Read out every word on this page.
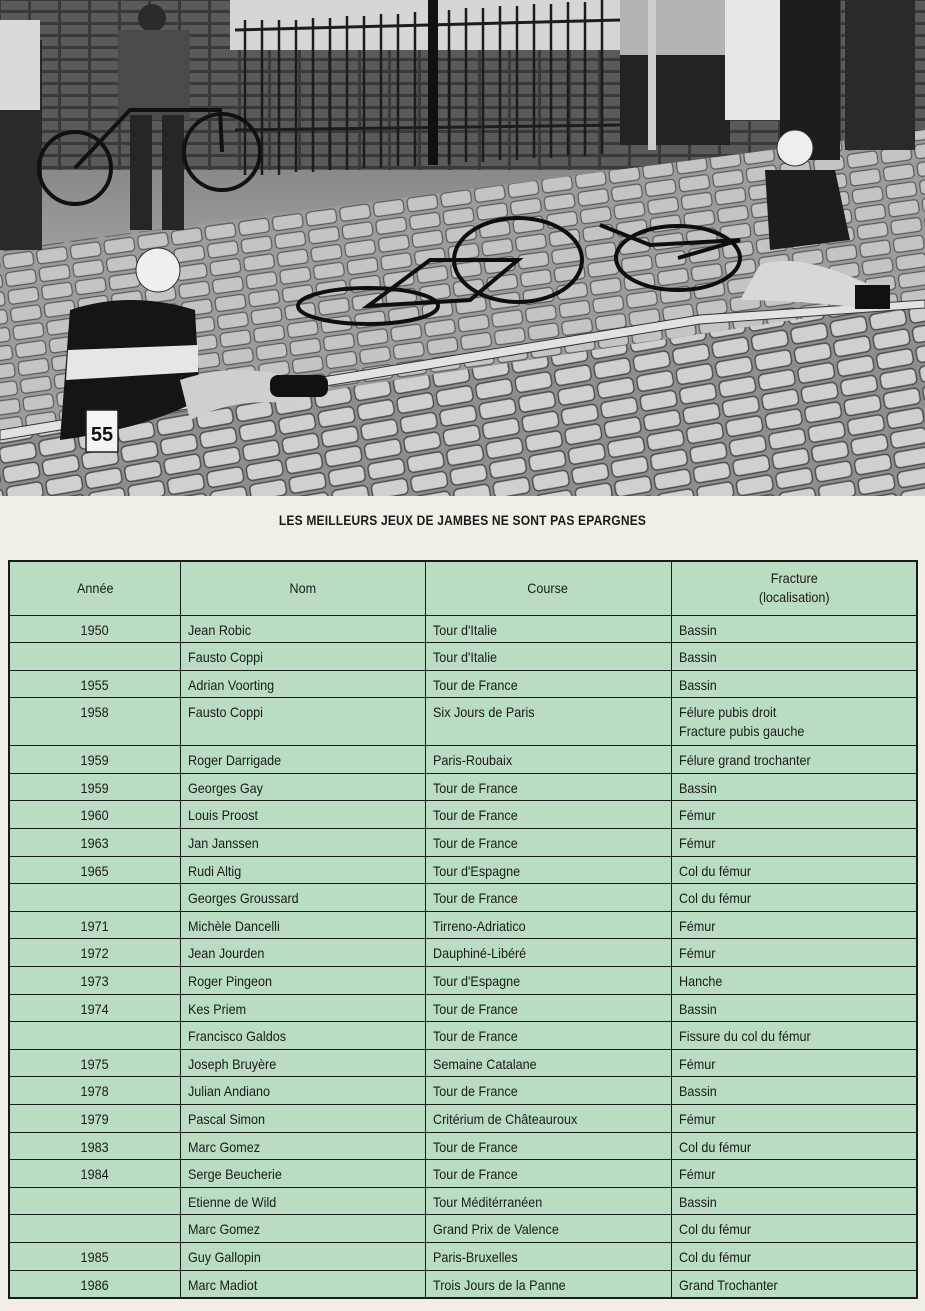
55
LES MEILLEURS JEUX DE JAMBES NE SONT PAS EPARGNES
Année	Nom	Course	Fracture
(localisation)

1950	Jean Robic	Tour d'Italie	Bassin

	Fausto Coppi	Tour d'Italie	Bassin

1955	Adrian Voorting	Tour de France	Bassin

1958	Fausto Coppi	Six Jours de Paris	Félure pubis droit
Fracture pubis gauche

1959	Roger Darrigade	Paris-Roubaix	Félure grand trochanter

1959	Georges Gay	Tour de France	Bassin

1960	Louis Proost	Tour de France	Fémur

1963	Jan Janssen	Tour de France	Fémur

1965	Rudi Altig	Tour d'Espagne	Col du fémur

	Georges Groussard	Tour de France	Col du fémur

1971	Michèle Dancelli	Tirreno-Adriatico	Fémur

1972	Jean Jourden	Dauphiné-Libéré	Fémur

1973	Roger Pingeon	Tour d'Espagne	Hanche

1974	Kes Priem	Tour de France	Bassin

	Francisco Galdos	Tour de France	Fissure du col du fémur

1975	Joseph Bruyère	Semaine Catalane	Fémur

1978	Julian Andiano	Tour de France	Bassin

1979	Pascal Simon	Critérium de Châteauroux	Fémur

1983	Marc Gomez	Tour de France	Col du fémur

1984	Serge Beucherie	Tour de France	Fémur

	Etienne de Wild	Tour Méditérranéen	Bassin

	Marc Gomez	Grand Prix de Valence	Col du fémur

1985	Guy Gallopin	Paris-Bruxelles	Col du fémur

1986	Marc Madiot	Trois Jours de la Panne	Grand Trochanter
